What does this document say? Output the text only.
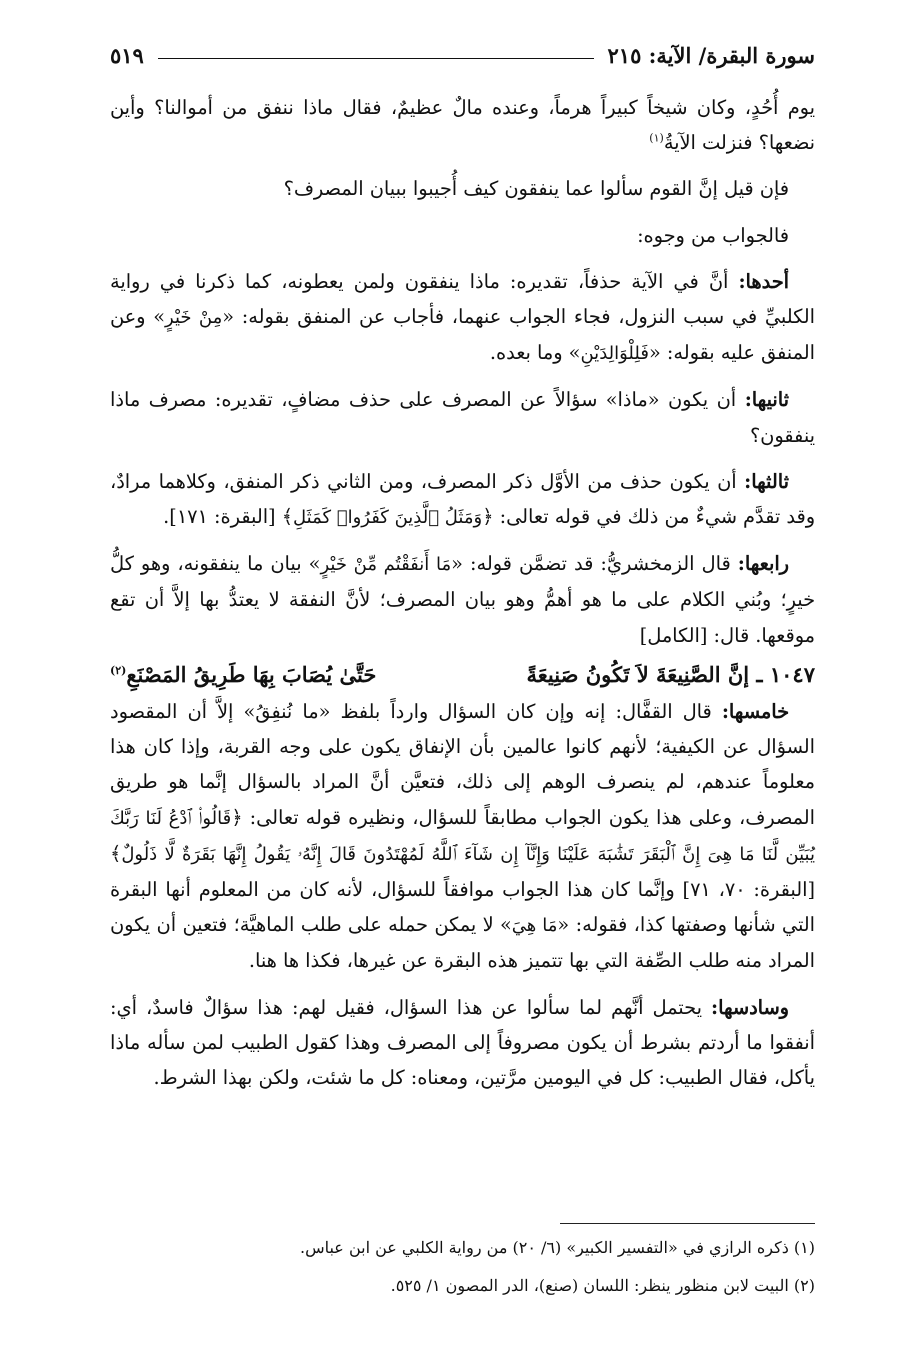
سورة البقرة/ الآية: ٢١٥
٥١٩

يوم أُحُدٍ، وكان شيخاً كبيراً هرماً، وعنده مالٌ عظيمٌ، فقال ماذا ننفق من أموالنا؟ وأين نضعها؟ فنزلت الآيةُ$^{(١)}$

فإن قيل إنَّ القوم سألوا عما ينفقون كيف أُجيبوا ببيان المصرف؟

فالجواب من وجوه:

أحدها: أنَّ في الآية حذفاً، تقديره: ماذا ينفقون ولمن يعطونه، كما ذكرنا في رواية الكلبيِّ في سبب النزول، فجاء الجواب عنهما، فأجاب عن المنفق بقوله: «مِنْ خَيْرٍ» وعن المنفق عليه بقوله: «فَلِلْوَالِدَيْنِ» وما بعده.

ثانيها: أن يكون «ماذا» سؤالاً عن المصرف على حذف مضافٍ، تقديره: مصرف ماذا ينفقون؟

ثالثها: أن يكون حذف من الأوَّل ذكر المصرف، ومن الثاني ذكر المنفق، وكلاهما مرادٌ، وقد تقدَّم شيءٌ من ذلك في قوله تعالى: ﴿وَمَثَلُ ٱلَّذِينَ كَفَرُوا۟ كَمَثَلِ﴾ [البقرة: ١٧١].

رابعها: قال الزمخشريُّ: قد تضمَّن قوله: «مَا أَنفَقْتُم مِّنْ خَيْرٍ» بيان ما ينفقونه، وهو كلُّ خيرٍ؛ وبُني الكلام على ما هو أهمُّ وهو بيان المصرف؛ لأنَّ النفقة لا يعتدُّ بها إلاَّ أن تقع موقعها. قال: [الكامل]

١٠٤٧ ـ إنَّ الصَّنِيعَةَ لاَ تَكُونُ صَنِيعَةً
حَتَّىٰ يُصَابَ بِهَا طَرِيقُ المَصْنَعِ$^{(٢)}$

خامسها: قال القفَّال: إنه وإن كان السؤال وارداً بلفظ «ما نُنفِقُ» إلاَّ أن المقصود السؤال عن الكيفية؛ لأنهم كانوا عالمين بأن الإنفاق يكون على وجه القربة، وإذا كان هذا معلوماً عندهم، لم ينصرف الوهم إلى ذلك، فتعيَّن أنَّ المراد بالسؤال إنَّما هو طريق المصرف، وعلى هذا يكون الجواب مطابقاً للسؤال، ونظيره قوله تعالى: ﴿قَالُوا۟ ٱدْعُ لَنَا رَبَّكَ يُبَيِّن لَّنَا مَا هِىَ إِنَّ ٱلْبَقَرَ تَشَٰبَهَ عَلَيْنَا وَإِنَّآ إِن شَآءَ ٱللَّهُ لَمُهْتَدُونَ قَالَ إِنَّهُۥ يَقُولُ إِنَّهَا بَقَرَةٌ لَّا ذَلُولٌ﴾ [البقرة: ٧٠، ٧١] وإنَّما كان هذا الجواب موافقاً للسؤال، لأنه كان من المعلوم أنها البقرة التي شأنها وصفتها كذا، فقوله: «مَا هِيَ» لا يمكن حمله على طلب الماهيَّة؛ فتعين أن يكون المراد منه طلب الصِّفة التي بها تتميز هذه البقرة عن غيرها، فكذا ها هنا.

وسادسها: يحتمل أنَّهم لما سألوا عن هذا السؤال، فقيل لهم: هذا سؤالٌ فاسدٌ، أي: أنفقوا ما أردتم بشرط أن يكون مصروفاً إلى المصرف وهذا كقول الطبيب لمن سأله ماذا يأكل، فقال الطبيب: كل في اليومين مرَّتين، ومعناه: كل ما شئت، ولكن بهذا الشرط.

(١) ذكره الرازي في «التفسير الكبير» (٦/ ٢٠) من رواية الكلبي عن ابن عباس.

(٢) البيت لابن منظور ينظر: اللسان (صنع)، الدر المصون ١/ ٥٢٥.
